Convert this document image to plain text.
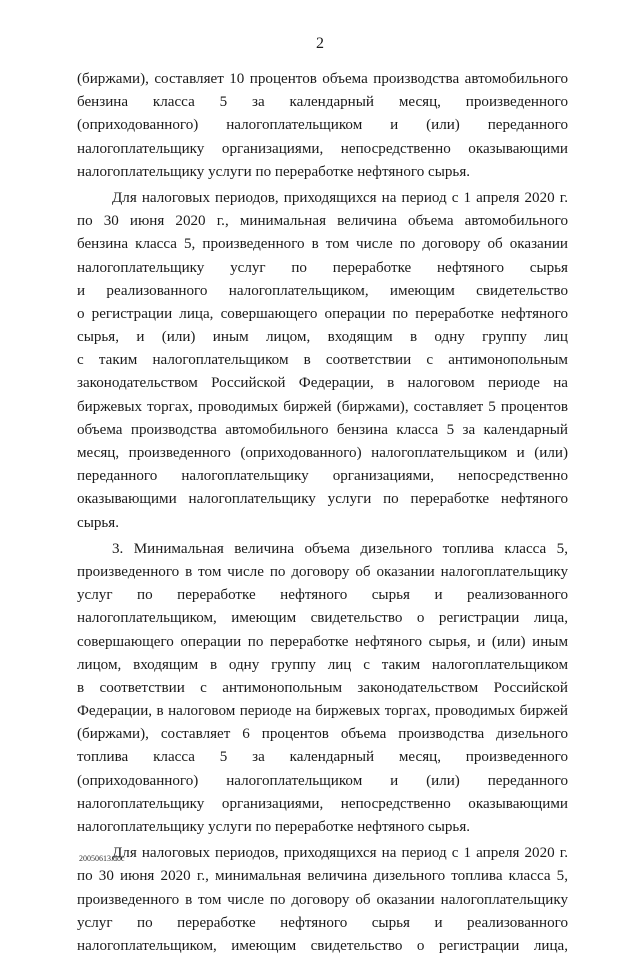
2
(биржами), составляет 10 процентов объема производства автомобильного
бензина класса 5 за календарный месяц, произведенного
(оприходованного) налогоплательщиком и (или) переданного
налогоплательщику организациями, непосредственно оказывающими
налогоплательщику услуги по переработке нефтяного сырья.
Для налоговых периодов, приходящихся на период с 1 апреля 2020 г.
по 30 июня 2020 г., минимальная величина объема автомобильного
бензина класса 5, произведенного в том числе по договору об оказании
налогоплательщику услуг по переработке нефтяного сырья
и реализованного налогоплательщиком, имеющим свидетельство
о регистрации лица, совершающего операции по переработке нефтяного
сырья, и (или) иным лицом, входящим в одну группу лиц
с таким налогоплательщиком в соответствии с антимонопольным
законодательством Российской Федерации, в налоговом периоде на
биржевых торгах, проводимых биржей (биржами), составляет 5 процентов
объема производства автомобильного бензина класса 5 за календарный
месяц, произведенного (оприходованного) налогоплательщиком и (или)
переданного налогоплательщику организациями, непосредственно
оказывающими налогоплательщику услуги по переработке нефтяного
сырья.
3. Минимальная величина объема дизельного топлива класса 5,
произведенного в том числе по договору об оказании налогоплательщику
услуг по переработке нефтяного сырья и реализованного
налогоплательщиком, имеющим свидетельство о регистрации лица,
совершающего операции по переработке нефтяного сырья, и (или) иным
лицом, входящим в одну группу лиц с таким налогоплательщиком
в соответствии с антимонопольным законодательством Российской
Федерации, в налоговом периоде на биржевых торгах, проводимых биржей
(биржами), составляет 6 процентов объема производства дизельного
топлива класса 5 за календарный месяц, произведенного
(оприходованного) налогоплательщиком и (или) переданного
налогоплательщику организациями, непосредственно оказывающими
налогоплательщику услуги по переработке нефтяного сырья.
Для налоговых периодов, приходящихся на период с 1 апреля 2020 г.
по 30 июня 2020 г., минимальная величина дизельного топлива класса 5,
произведенного в том числе по договору об оказании налогоплательщику
услуг по переработке нефтяного сырья и реализованного
налогоплательщиком, имеющим свидетельство о регистрации лица,
20050613.doc
